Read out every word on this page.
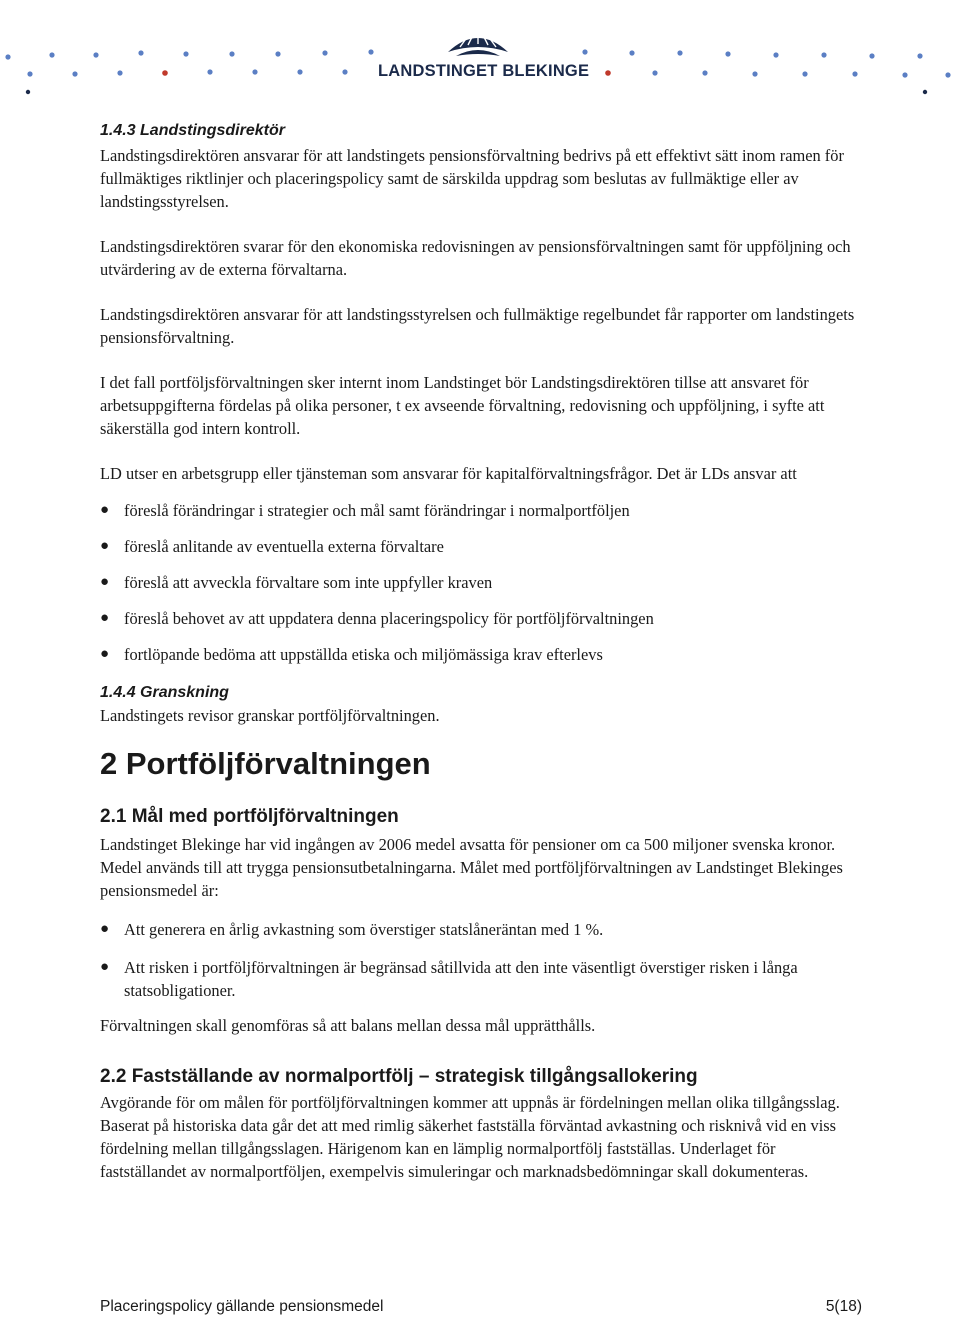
LANDSTINGET BLEKINGE
1.4.3 Landstingsdirektör

Landstingsdirektören ansvarar för att landstingets pensionsförvaltning bedrivs på ett effektivt sätt inom ramen för fullmäktiges riktlinjer och placeringspolicy samt de särskilda uppdrag som beslutas av fullmäktige eller av landstingsstyrelsen.

Landstingsdirektören svarar för den ekonomiska redovisningen av pensionsförvaltningen samt för uppföljning och utvärdering av de externa förvaltarna.

Landstingsdirektören ansvarar för att landstingsstyrelsen och fullmäktige regelbundet får rapporter om landstingets pensionsförvaltning.

I det fall portföljsförvaltningen sker internt inom Landstinget bör Landstingsdirektören tillse att ansvaret för arbetsuppgifterna fördelas på olika personer, t ex avseende förvaltning, redovisning och uppföljning, i syfte att säkerställa god intern kontroll.

LD utser en arbetsgrupp eller tjänsteman som ansvarar för kapitalförvaltningsfrågor. Det är LDs ansvar att

● föreslå förändringar i strategier och mål samt förändringar i normalportföljen
● föreslå anlitande av eventuella externa förvaltare
● föreslå att avveckla förvaltare som inte uppfyller kraven
● föreslå behovet av att uppdatera denna placeringspolicy för portföljförvaltningen
● fortlöpande bedöma att uppställda etiska och miljömässiga krav efterlevs
1.4.4 Granskning

Landstingets revisor granskar portföljförvaltningen.

2 Portföljförvaltningen
2.1 Mål med portföljförvaltningen

Landstinget Blekinge har vid ingången av 2006 medel avsatta för pensioner om ca 500 miljoner svenska kronor. Medel används till att trygga pensionsutbetalningarna. Målet med portföljförvaltningen av Landstinget Blekinges pensionsmedel är:

● Att generera en årlig avkastning som överstiger statslåneräntan med 1 %.
● Att risken i portföljförvaltningen är begränsad såtillvida att den inte väsentligt överstiger risken i långa statsobligationer.

Förvaltningen skall genomföras så att balans mellan dessa mål upprätthålls.

2.2 Fastställande av normalportfölj – strategisk tillgångsallokering

Avgörande för om målen för portföljförvaltningen kommer att uppnås är fördelningen mellan olika tillgångsslag. Baserat på historiska data går det att med rimlig säkerhet fastställa förväntad avkastning och risknivå vid en viss fördelning mellan tillgångsslagen. Härigenom kan en lämplig normalportfölj fastställas. Underlaget för fastställandet av normalportföljen, exempelvis simuleringar och marknadsbedömningar skall dokumenteras.

Placeringspolicy gällande pensionsmedel	5(18)
